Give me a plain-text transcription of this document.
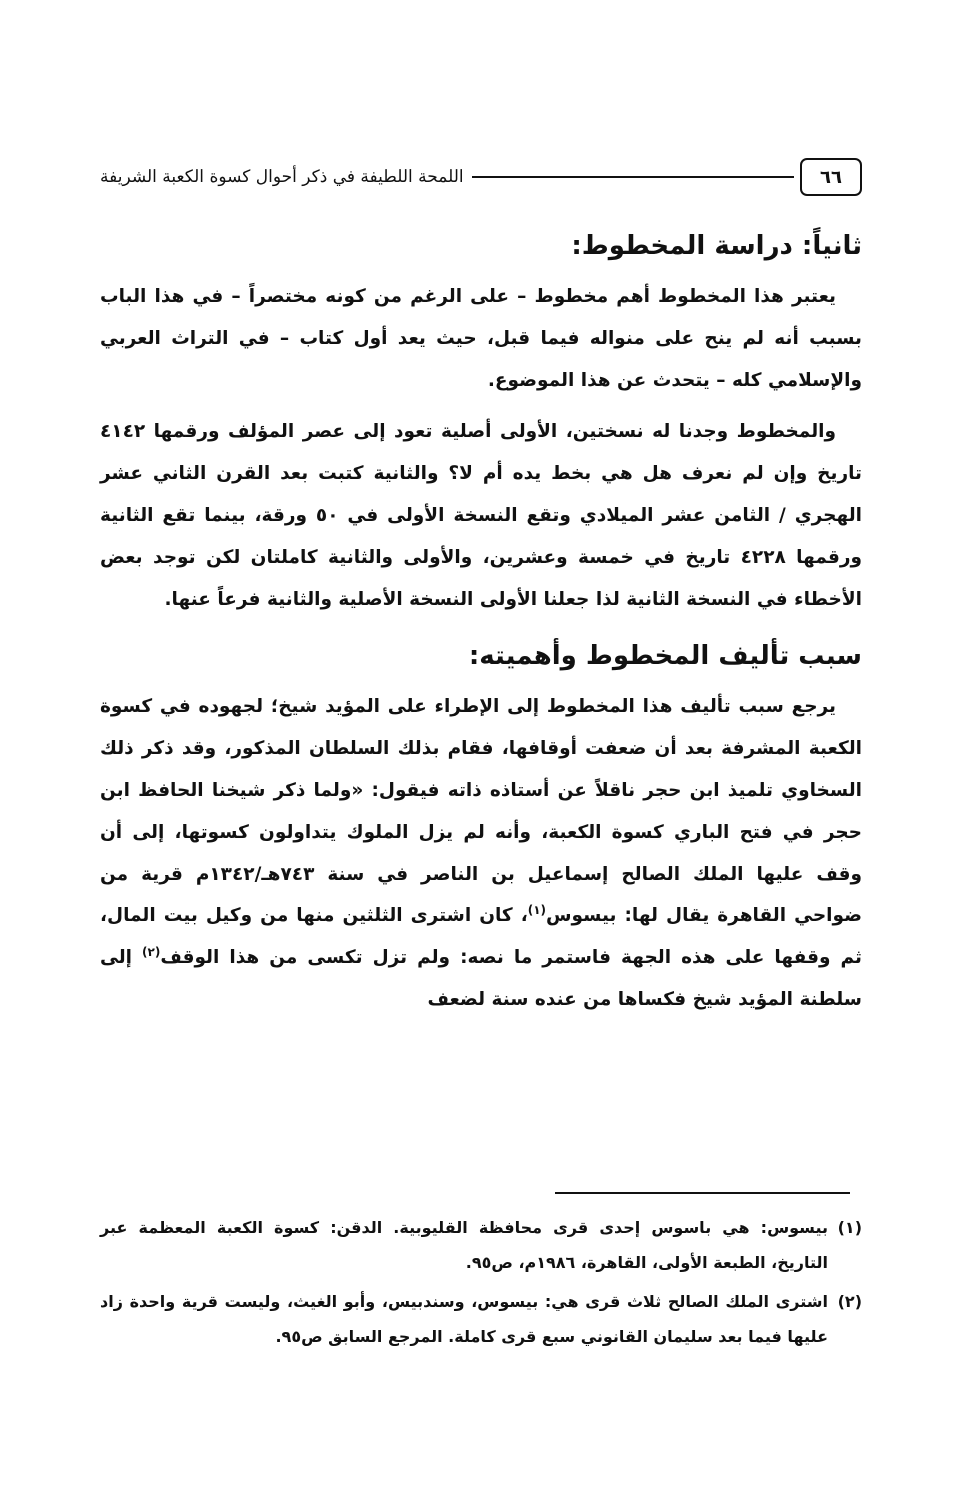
٦٦
اللمحة اللطيفة في ذكر أحوال كسوة الكعبة الشريفة
ثانياً: دراسة المخطوط:

يعتبر هذا المخطوط أهم مخطوط – على الرغم من كونه مختصراً – في هذا الباب بسبب أنه لم ينح على منواله فيما قبل، حيث يعد أول كتاب – في التراث العربي والإسلامي كله – يتحدث عن هذا الموضوع.

والمخطوط وجدنا له نسختين، الأولى أصلية تعود إلى عصر المؤلف ورقمها ٤١٤٢ تاريخ وإن لم نعرف هل هي بخط يده أم لا؟ والثانية كتبت بعد القرن الثاني عشر الهجري / الثامن عشر الميلادي وتقع النسخة الأولى في ٥٠ ورقة، بينما تقع الثانية ورقمها ٤٢٢٨ تاريخ في خمسة وعشرين، والأولى والثانية كاملتان لكن توجد بعض الأخطاء في النسخة الثانية لذا جعلنا الأولى النسخة الأصلية والثانية فرعاً عنها.

سبب تأليف المخطوط وأهميته:

يرجع سبب تأليف هذا المخطوط إلى الإطراء على المؤيد شيخ؛ لجهوده في كسوة الكعبة المشرفة بعد أن ضعفت أوقافها، فقام بذلك السلطان المذكور، وقد ذكر ذلك السخاوي تلميذ ابن حجر ناقلاً عن أستاذه ذاته فيقول: «ولما ذكر شيخنا الحافظ ابن حجر في فتح الباري كسوة الكعبة، وأنه لم يزل الملوك يتداولون كسوتها، إلى أن وقف عليها الملك الصالح إسماعيل بن الناصر في سنة ٧٤٣هـ/١٣٤٢م قرية من ضواحي القاهرة يقال لها: بيسوس$^{(١)}$، كان اشترى الثلثين منها من وكيل بيت المال، ثم وقفها على هذه الجهة فاستمر ما نصه: ولم تزل تكسى من هذا الوقف$^{(٢)}$ إلى سلطنة المؤيد شيخ فكساها من عنده سنة لضعف

(١)بيسوس: هي باسوس إحدى قرى محافظة القليوبية. الدقن: كسوة الكعبة المعظمة عبر التاريخ، الطبعة الأولى، القاهرة، ١٩٨٦م، ص٩٥.

(٢)اشترى الملك الصالح ثلاث قرى هي: بيسوس، وسندبيس، وأبو الغيث، وليست قرية واحدة زاد عليها فيما بعد سليمان القانوني سبع قرى كاملة. المرجع السابق ص٩٥.
